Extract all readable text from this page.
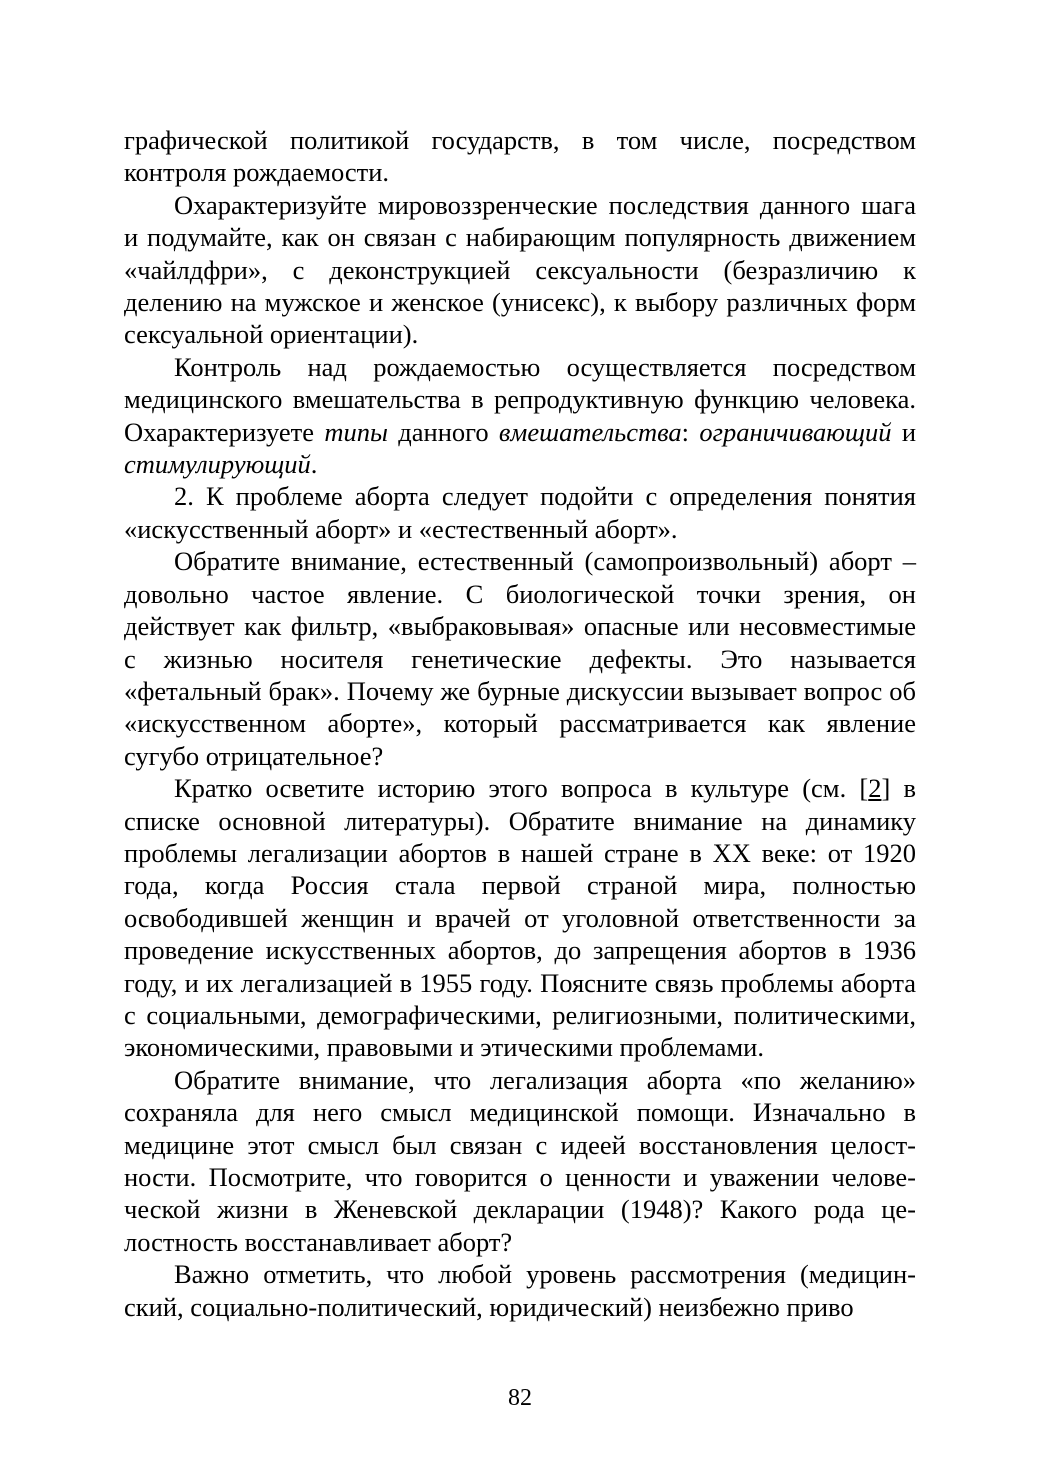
графической политикой государств, в том числе, посредством контроля рождаемости.

Охарактеризуйте мировоззренческие последствия данного шага и подумайте, как он связан с набирающим популярность движением «чайлдфри», с деконструкцией сексуальности (безразличию к делению на мужское и женское (унисекс), к выбору различных форм сексуальной ориентации).

Контроль над рождаемостью осуществляется посредством медицинского вмешательства в репродуктивную функцию человека. Охарактеризуете типы данного вмешательства: ограничивающий и стимулирующий.

2. К проблеме аборта следует подойти с определения понятия «искусственный аборт» и «естественный аборт».

Обратите внимание, естественный (самопроизвольный) аборт – довольно частое явление. С биологической точки зрения, он действует как фильтр, «выбраковывая» опасные или несовместимые с жизнью носителя генетические дефекты. Это называется «фетальный брак». Почему же бурные дискуссии вызывает вопрос об «искусственном аборте», который рассматривается как явление сугубо отрицательное?

Кратко осветите историю этого вопроса в культуре (см. [2] в списке основной литературы). Обратите внимание на динамику проблемы легализации абортов в нашей стране в XX веке: от 1920 года, когда Россия стала первой страной мира, полностью освободившей женщин и врачей от уголовной ответственности за проведение искусственных абортов, до запрещения абортов в 1936 году, и их легализацией в 1955 году. Поясните связь проблемы аборта с социальными, демографическими, религиозными, политическими, экономическими, правовыми и этическими проблемами.

Обратите внимание, что легализация аборта «по желанию» сохраняла для него смысл медицинской помощи. Изначально в медицине этот смысл был связан с идеей восстановления целостности. Посмотрите, что говорится о ценности и уважении человеческой жизни в Женевской декларации (1948)? Какого рода целостность восстанавливает аборт?

Важно отметить, что любой уровень рассмотрения (медицинский, социально-политический, юридический) неизбежно приво

82
